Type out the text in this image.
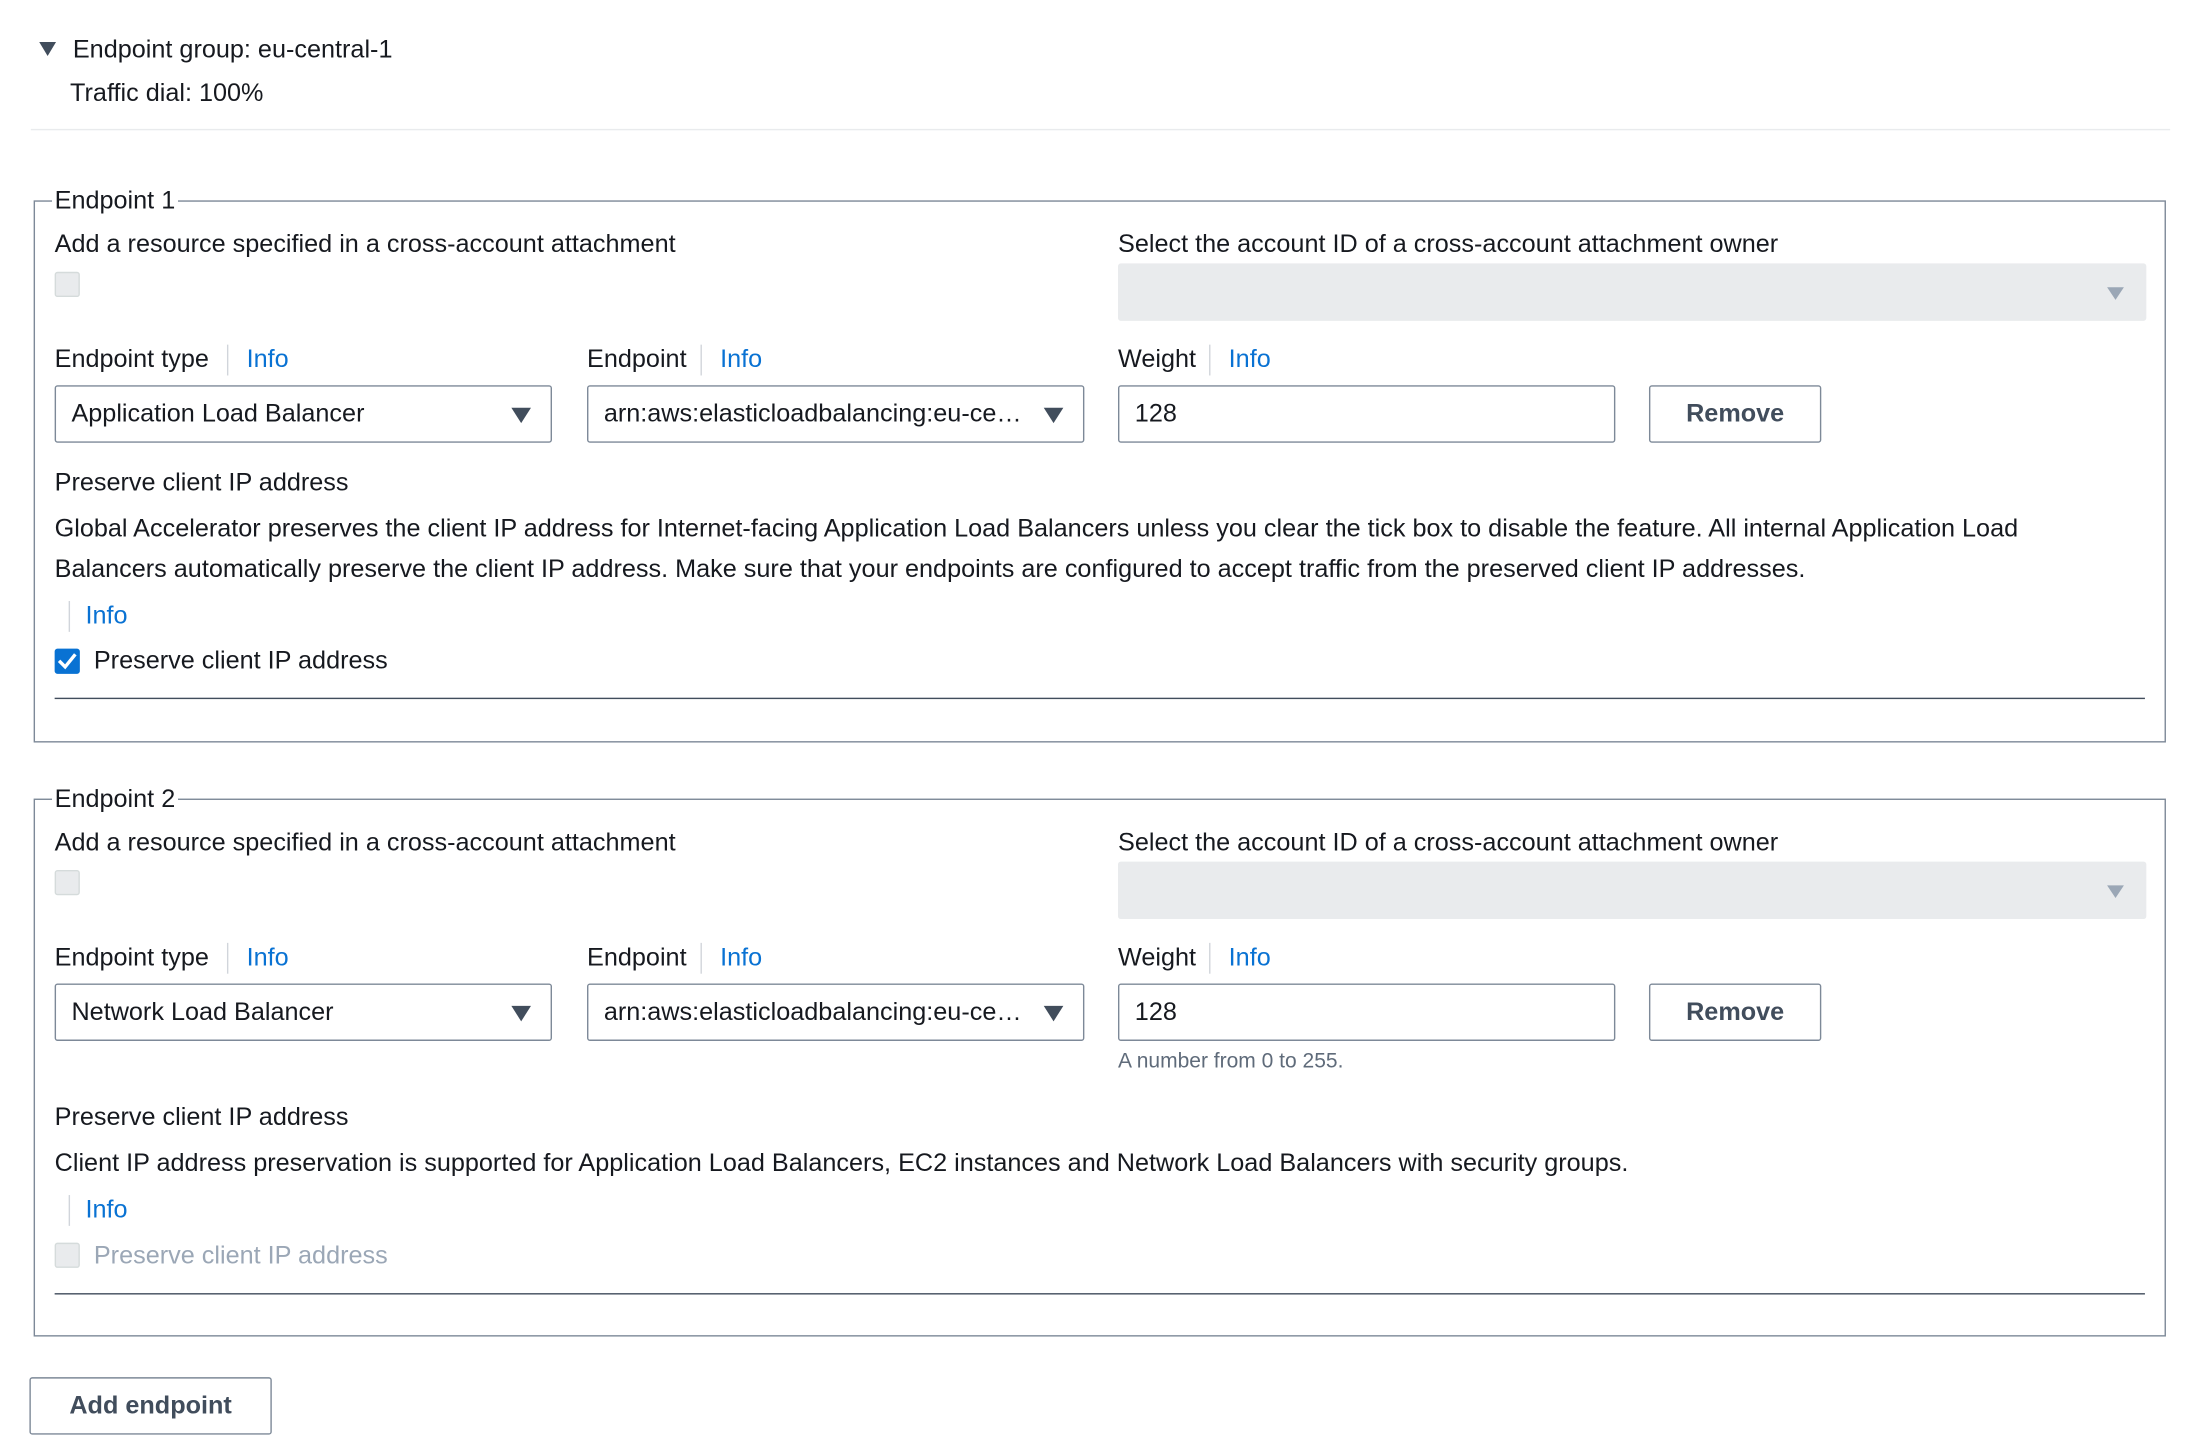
Endpoint group: eu-central-1
Traffic dial: 100%
Endpoint 1
Add a resource specified in a cross-account attachment	Select the account ID of a cross-account attachment owner
Endpoint type Info	Endpoint Info	Weight Info
Application Load Balancer	arn:aws:elasticloadbalancing:eu-ce…	128	Remove
Preserve client IP address
Global Accelerator preserves the client IP address for Internet-facing Application Load Balancers unless you clear the tick box to disable the feature. All internal Application Load Balancers automatically preserve the client IP address. Make sure that your endpoints are configured to accept traffic from the preserved client IP addresses.
Info
Preserve client IP address
Endpoint 2
Add a resource specified in a cross-account attachment	Select the account ID of a cross-account attachment owner
Endpoint type Info	Endpoint Info	Weight Info
Network Load Balancer	arn:aws:elasticloadbalancing:eu-ce…	128	Remove
A number from 0 to 255.
Preserve client IP address
Client IP address preservation is supported for Application Load Balancers, EC2 instances and Network Load Balancers with security groups.
Info
Preserve client IP address
Add endpoint
